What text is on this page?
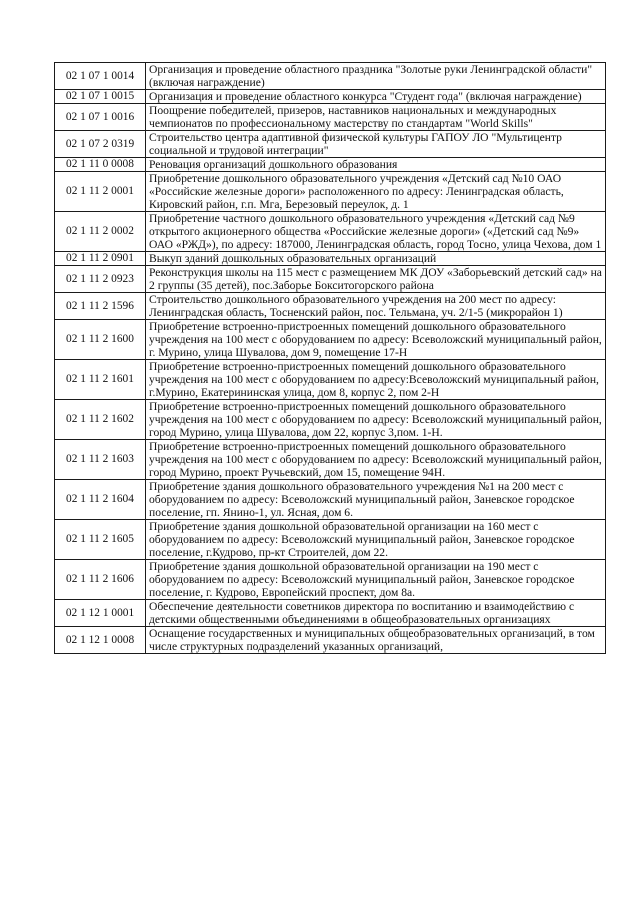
02 1 07 1 0014	Организация и проведение областного праздника "Золотые руки Ленинградской области" (включая награждение)
02 1 07 1 0015	Организация и проведение областного конкурса "Студент года" (включая награждение)
02 1 07 1 0016	Поощрение победителей, призеров, наставников национальных и международных чемпионатов по профессиональному мастерству по стандартам "World Skills"
02 1 07 2 0319	Строительство центра адаптивной физической культуры ГАПОУ ЛО "Мультицентр социальной и трудовой интеграции"
02 1 11 0 0008	Реновация организаций дошкольного образования
02 1 11 2 0001	Приобретение дошкольного образовательного учреждения «Детский сад №10 ОАО «Российские железные дороги» расположенного по адресу: Ленинградская область, Кировский район, г.п. Мга, Березовый переулок, д. 1
02 1 11 2 0002	Приобретение частного дошкольного образовательного учреждения «Детский сад №9 открытого акционерного общества «Российские железные дороги» («Детский сад №9» ОАО «РЖД»), по адресу: 187000, Ленинградская область, город Тосно, улица Чехова, дом 1
02 1 11 2 0901	Выкуп зданий дошкольных образовательных организаций
02 1 11 2 0923	Реконструкция школы на 115 мест с размещением МК ДОУ «Заборьевский детский сад» на 2 группы (35 детей), пос.Заборье Бокситогорского района
02 1 11 2 1596	Строительство дошкольного образовательного учреждения на 200 мест по адресу: Ленинградская область, Тосненский район, пос. Тельмана, уч. 2/1-5 (микрорайон 1)
02 1 11 2 1600	Приобретение встроенно-пристроенных помещений дошкольного образовательного учреждения на 100 мест с оборудованием по адресу: Всеволожский муниципальный район, г. Мурино, улица Шувалова, дом 9, помещение 17-Н
02 1 11 2 1601	Приобретение встроенно-пристроенных помещений дошкольного образовательного учреждения на 100 мест с оборудованием по адресу:Всеволожский муниципальный район, г.Мурино, Екатерининская улица, дом 8, корпус 2, пом 2-Н
02 1 11 2 1602	Приобретение встроенно-пристроенных помещений дошкольного образовательного учреждения на 100 мест с оборудованием по адресу: Всеволожский муниципальный район, город Мурино, улица Шувалова, дом 22, корпус 3,пом. 1-Н.
02 1 11 2 1603	Приобретение встроенно-пристроенных помещений дошкольного образовательного учреждения на 100 мест с оборудованием по адресу: Всеволожский муниципальный район, город Мурино, проект Ручьевский, дом 15, помещение 94Н.
02 1 11 2 1604	Приобретение здания дошкольного образовательного учреждения №1 на 200 мест с оборудованием по адресу: Всеволожский муниципальный район, Заневское городское поселение, гп. Янино-1, ул. Ясная, дом 6.
02 1 11 2 1605	Приобретение здания дошкольной образовательной организации на 160 мест с оборудованием по адресу: Всеволожский муниципальный район, Заневское городское поселение, г.Кудрово, пр-кт Строителей, дом 22.
02 1 11 2 1606	Приобретение здания дошкольной образовательной организации на 190 мест с оборудованием по адресу: Всеволожский муниципальный район, Заневское городское поселение, г. Кудрово, Европейский проспект, дом 8а.
02 1 12 1 0001	Обеспечение деятельности советников директора по воспитанию и взаимодействию с детскими общественными объединениями в общеобразовательных организациях
02 1 12 1 0008	Оснащение государственных и муниципальных общеобразовательных организаций, в том числе структурных подразделений указанных организаций,
